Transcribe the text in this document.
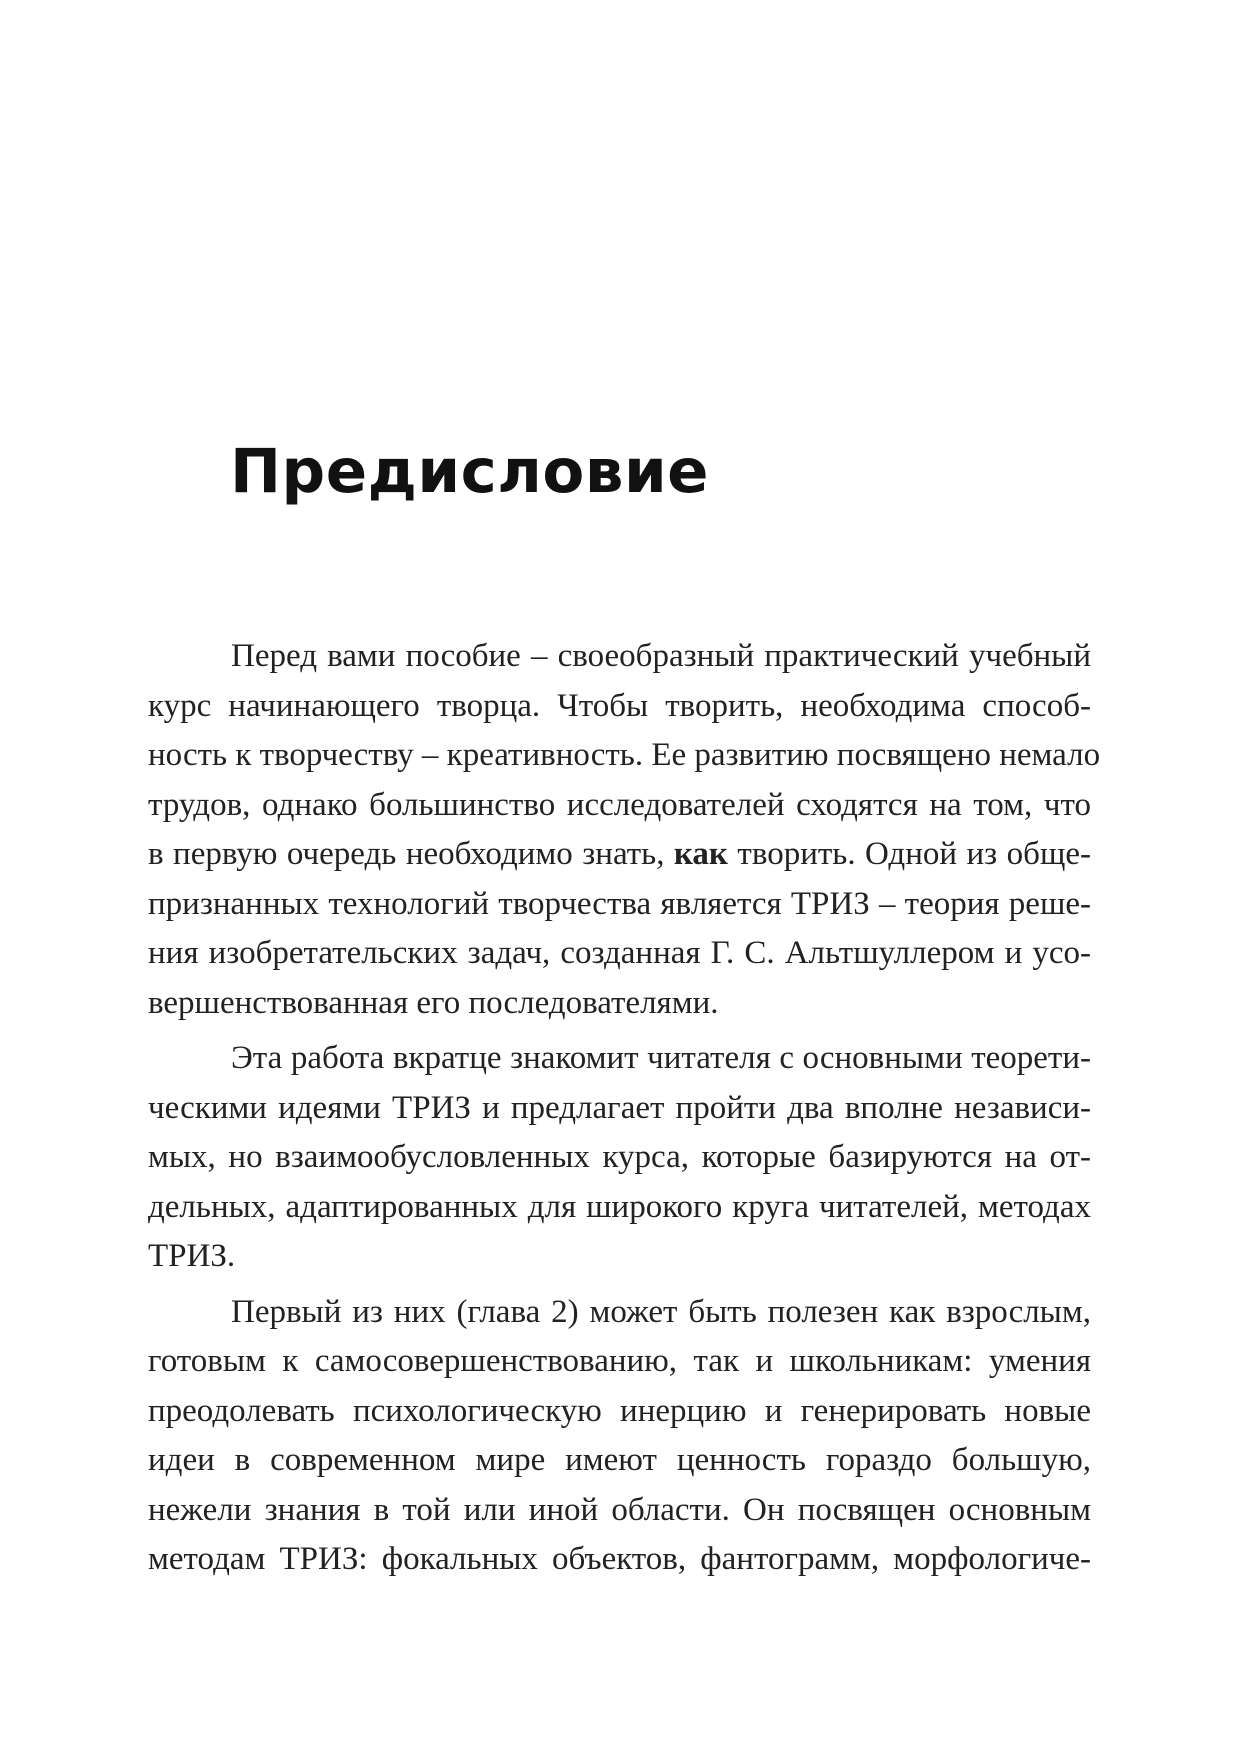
Предисловие
Перед вами пособие – своеобразный практический учебный
курс начинающего творца. Чтобы творить, необходима способ-
ность к творчеству – креативность. Ее развитию посвящено немало
трудов, однако большинство исследователей сходятся на том, что
в первую очередь необходимо знать, как творить. Одной из обще-
признанных технологий творчества является ТРИЗ – теория реше-
ния изобретательских задач, созданная Г. С. Альтшуллером и усо-
вершенствованная его последователями.
Эта работа вкратце знакомит читателя с основными теорети-
ческими идеями ТРИЗ и предлагает пройти два вполне независи-
мых, но взаимообусловленных курса, которые базируются на от-
дельных, адаптированных для широкого круга читателей, методах
ТРИЗ.
Первый из них (глава 2) может быть полезен как взрослым,
готовым к самосовершенствованию, так и школьникам: умения
преодолевать психологическую инерцию и генерировать новые
идеи в современном мире имеют ценность гораздо большую,
нежели знания в той или иной области. Он посвящен основным
методам ТРИЗ: фокальных объектов, фантограмм, морфологиче-
